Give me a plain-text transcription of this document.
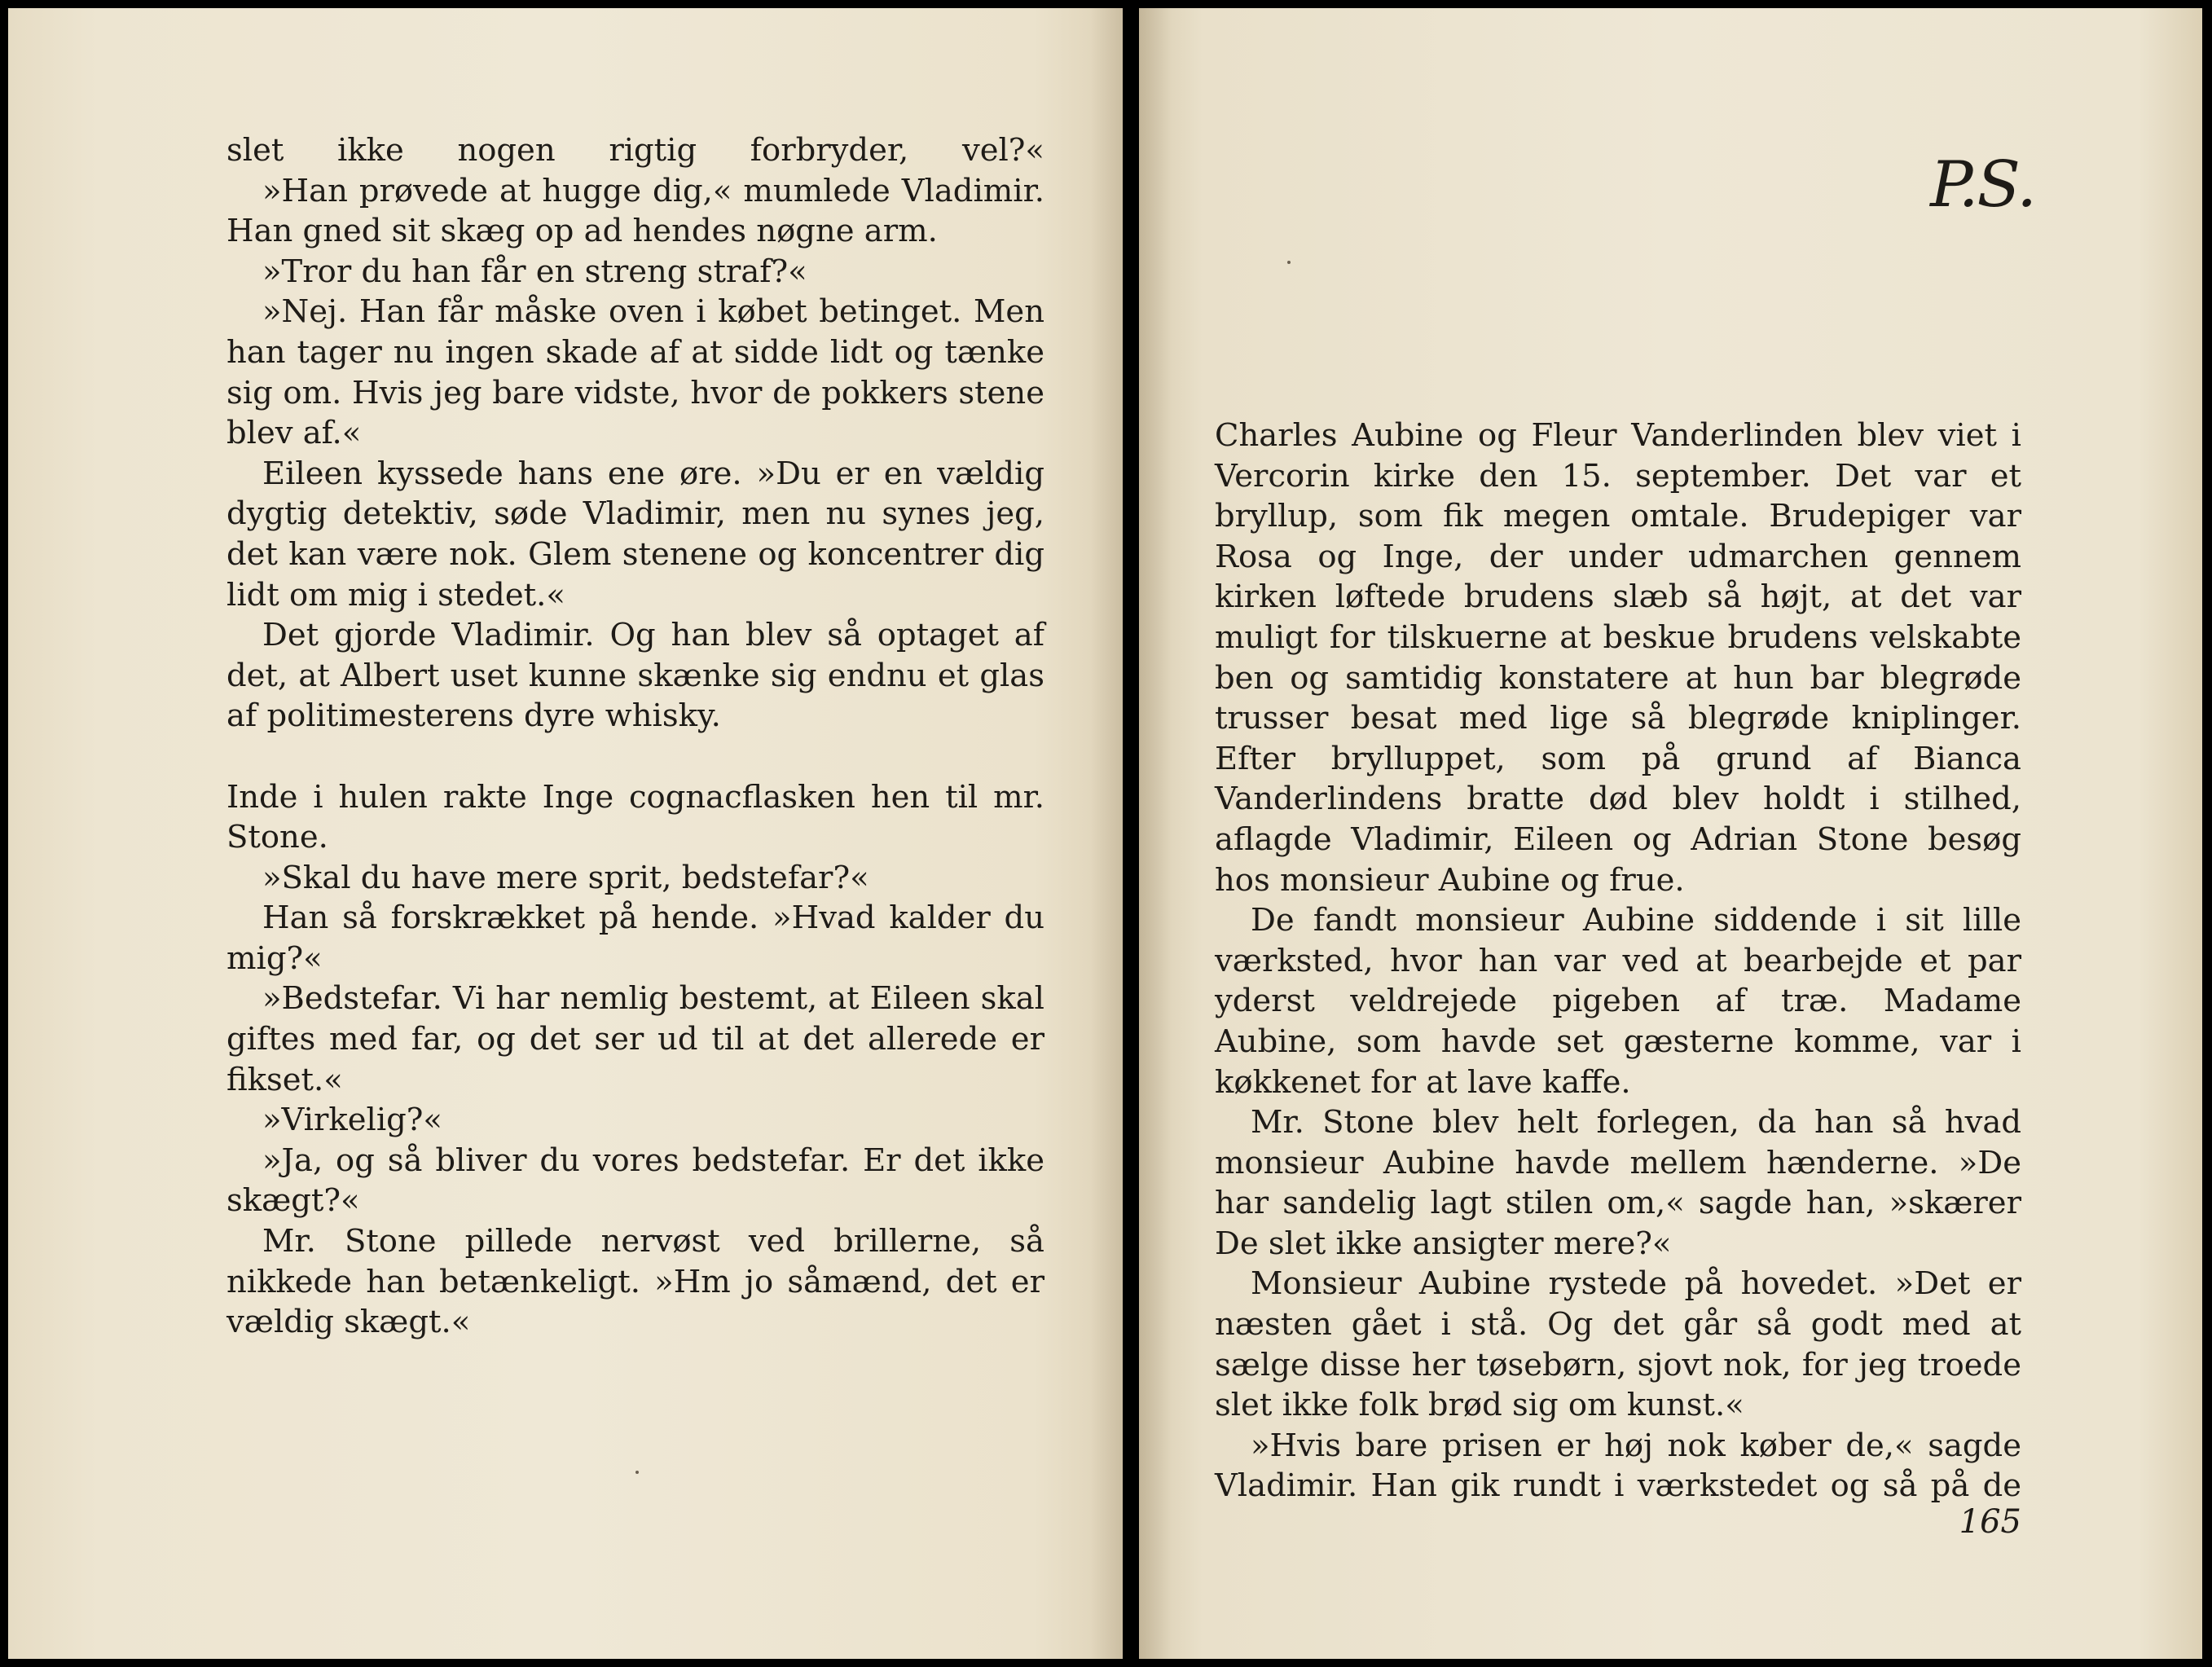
slet ikke nogen rigtig forbryder, vel?«

»Han prøvede at hugge dig,« mumlede Vladimir. Han gned sit skæg op ad hendes nøgne arm.

»Tror du han får en streng straf?«

»Nej. Han får måske oven i købet betinget. Men han tager nu ingen skade af at sidde lidt og tænke sig om. Hvis jeg bare vidste, hvor de pokkers stene blev af.«

Eileen kyssede hans ene øre. »Du er en vældig dygtig detektiv, søde Vladimir, men nu synes jeg, det kan være nok. Glem stenene og koncentrer dig lidt om mig i stedet.«

Det gjorde Vladimir. Og han blev så optaget af det, at Albert uset kunne skænke sig endnu et glas af politimesterens dyre whisky.

Inde i hulen rakte Inge cognacflasken hen til mr. Stone.

»Skal du have mere sprit, bedstefar?«

Han så forskrækket på hende. »Hvad kalder du mig?«

»Bedstefar. Vi har nemlig bestemt, at Eileen skal giftes med far, og det ser ud til at det allerede er fikset.«

»Virkelig?«

»Ja, og så bliver du vores bedstefar. Er det ikke skægt?«

Mr. Stone pillede nervøst ved brillerne, så nikkede han betænkeligt. »Hm jo såmænd, det er vældig skægt.«

P.S.

Charles Aubine og Fleur Vanderlinden blev viet i Vercorin kirke den 15. september. Det var et bryllup, som fik megen omtale. Brudepiger var Rosa og Inge, der under udmarchen gennem kirken løftede brudens slæb så højt, at det var muligt for tilskuerne at beskue brudens velskabte ben og samtidig konstatere at hun bar blegrøde trusser besat med lige så blegrøde kniplinger. Efter brylluppet, som på grund af Bianca Vanderlindens bratte død blev holdt i stilhed, aflagde Vladimir, Eileen og Adrian Stone besøg hos monsieur Aubine og frue.

De fandt monsieur Aubine siddende i sit lille værksted, hvor han var ved at bearbejde et par yderst veldrejede pigeben af træ. Madame Aubine, som havde set gæsterne komme, var i køkkenet for at lave kaffe.

Mr. Stone blev helt forlegen, da han så hvad monsieur Aubine havde mellem hænderne. »De har sandelig lagt stilen om,« sagde han, »skærer De slet ikke ansigter mere?«

Monsieur Aubine rystede på hovedet. »Det er næsten gået i stå. Og det går så godt med at sælge disse her tøsebørn, sjovt nok, for jeg troede slet ikke folk brød sig om kunst.«

»Hvis bare prisen er høj nok køber de,« sagde Vladimir. Han gik rundt i værkstedet og så på de

165
